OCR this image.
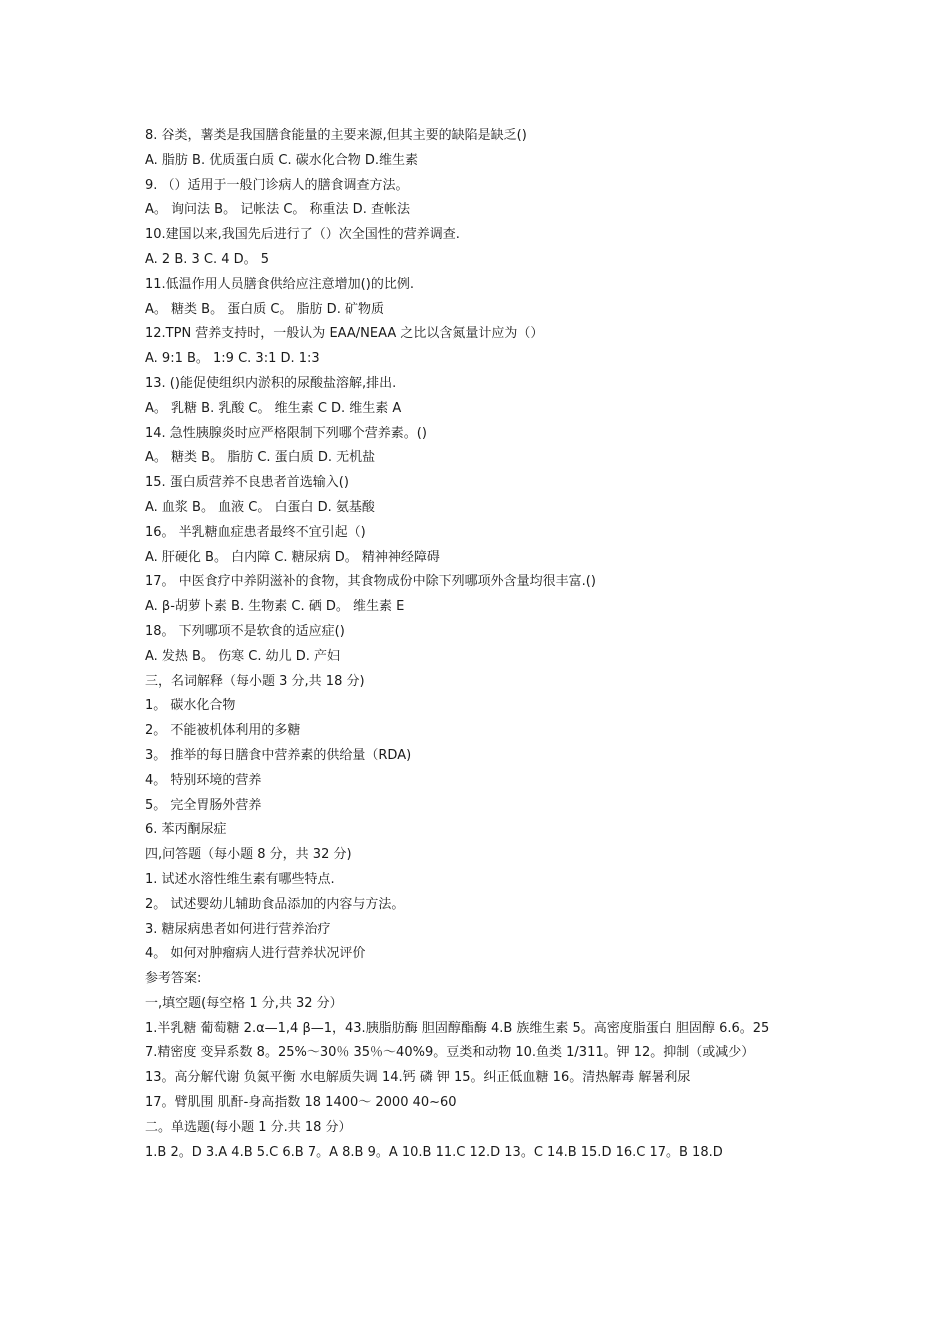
8. 谷类，薯类是我国膳食能量的主要来源,但其主要的缺陷是缺乏()
A. 脂肪 B. 优质蛋白质 C. 碳水化合物 D.维生素
9. （）适用于一般门诊病人的膳食调查方法。
A。 询问法 B。 记帐法 C。 称重法 D. 查帐法
10.建国以来,我国先后进行了（）次全国性的营养调查.
A. 2 B. 3 C. 4 D。 5
11.低温作用人员膳食供给应注意增加()的比例.
A。 糖类 B。 蛋白质 C。 脂肪 D. 矿物质
12.TPN 营养支持时，一般认为 EAA/NEAA 之比以含氮量计应为（）
A. 9:1 B。 1:9 C. 3:1 D. 1:3
13. ()能促使组织内淤积的尿酸盐溶解,排出.
A。 乳糖 B. 乳酸 C。 维生素 C D. 维生素 A
14. 急性胰腺炎时应严格限制下列哪个营养素。()
A。 糖类 B。 脂肪 C. 蛋白质 D. 无机盐
15. 蛋白质营养不良患者首选输入()
A. 血浆 B。 血液 C。 白蛋白 D. 氨基酸
16。 半乳糖血症患者最终不宜引起（)
A. 肝硬化 B。 白内障 C. 糖尿病 D。 精神神经障碍
17。 中医食疗中养阴滋补的食物，其食物成份中除下列哪项外含量均很丰富.()
A. β-胡萝卜素 B. 生物素 C. 硒 D。 维生素 E
18。 下列哪项不是软食的适应症()
A. 发热 B。 伤寒 C. 幼儿 D. 产妇
三，名词解释（每小题 3 分,共 18 分)
1。 碳水化合物
2。 不能被机体利用的多糖
3。 推举的每日膳食中营养素的供给量（RDA)
4。 特别环境的营养
5。 完全胃肠外营养
6. 苯丙酮尿症
四,问答题（每小题 8 分，共 32 分)
1. 试述水溶性维生素有哪些特点.
2。 试述婴幼儿辅助食品添加的内容与方法。
3. 糖尿病患者如何进行营养治疗
4。 如何对肿瘤病人进行营养状况评价
参考答案:
一,填空题(每空格 1 分,共 32 分）
1.半乳糖 葡萄糖 2.α—1,4 β—1，43.胰脂肪酶 胆固醇酯酶 4.B 族维生素 5。高密度脂蛋白 胆固醇 6.6。25
7.精密度 变异系数 8。25%～30％ 35％～40%9。豆类和动物 10.鱼类 1/311。钾 12。抑制（或减少）
13。高分解代谢 负氮平衡 水电解质失调 14.钙 磷 钾 15。纠正低血糖 16。清热解毒 解暑利尿
17。臂肌围 肌酐-身高指数 18 1400～ 2000 40~60
二。单选题(每小题 1 分.共 18 分）
1.B 2。D 3.A 4.B 5.C 6.B 7。A 8.B 9。A 10.B 11.C 12.D 13。C 14.B 15.D 16.C 17。B 18.D
